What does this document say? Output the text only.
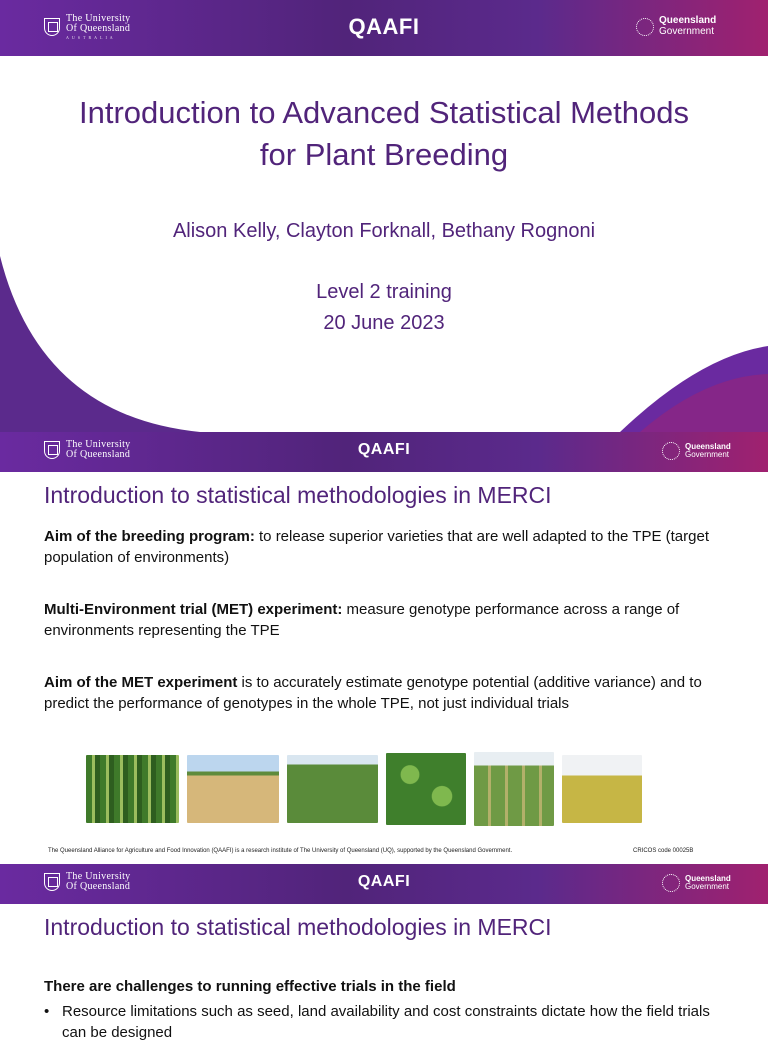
The University
Of Queensland
AUSTRALIA	QAAFI	Queensland
Government
Introduction to Advanced Statistical Methods
for Plant Breeding
Alison Kelly, Clayton Forknall, Bethany Rognoni
Level 2 training
20 June 2023
The University
Of Queensland	QAAFI	Queensland
Government
Introduction to statistical methodologies in MERCI
Aim of the breeding program: to release superior varieties that are well adapted to the TPE (target population of environments)
Multi-Environment trial (MET) experiment: measure genotype performance across a range of environments representing the TPE
Aim of the MET experiment is to accurately estimate genotype potential (additive variance) and to predict the performance of genotypes in the whole TPE, not just individual trials
The Queensland Alliance for Agriculture and Food Innovation (QAAFI) is a research institute of The University of Queensland (UQ), supported by the Queensland Government.	CRICOS code 00025B
The University
Of Queensland	QAAFI	Queensland
Government
Introduction to statistical methodologies in MERCI
There are challenges to running effective trials in the field
• Resource limitations such as seed, land availability and cost constraints dictate how the field trials can be designed
